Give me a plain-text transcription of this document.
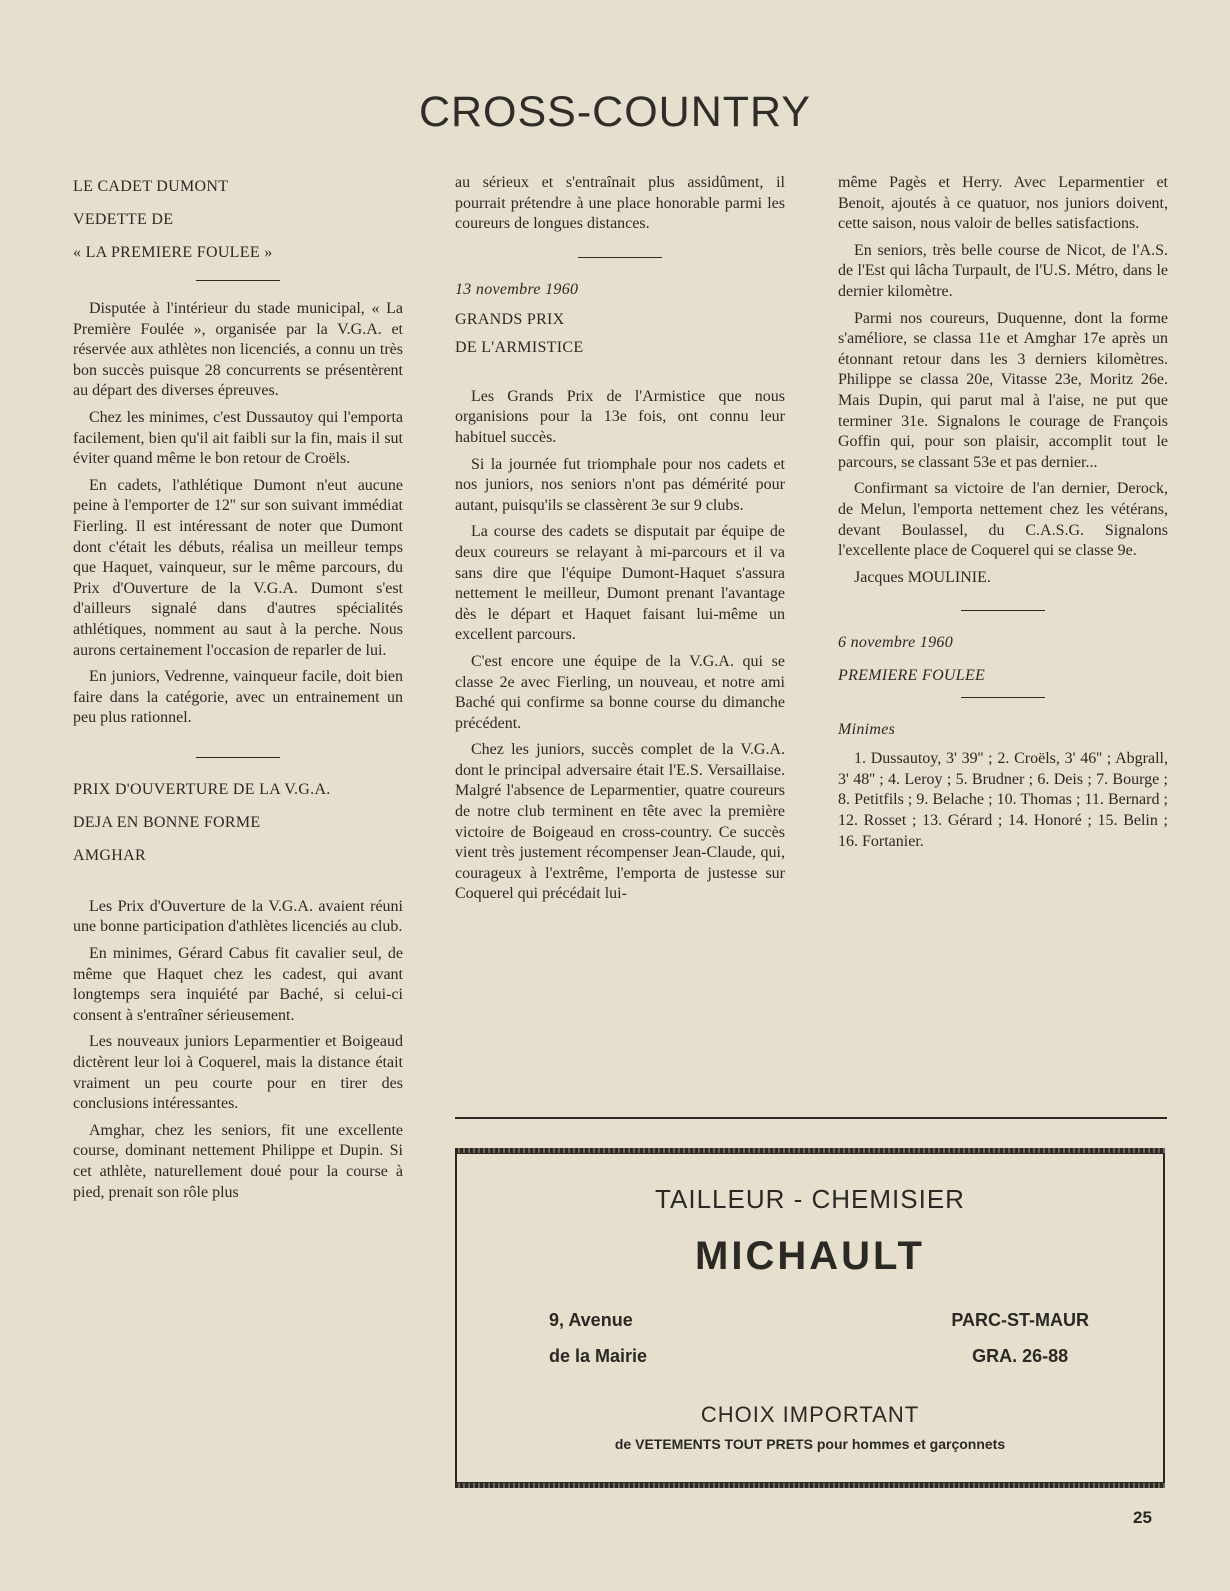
CROSS-COUNTRY

LE CADET DUMONT

VEDETTE DE

« LA PREMIERE FOULEE »

Disputée à l'intérieur du stade municipal, « La Première Foulée », organisée par la V.G.A. et réservée aux athlètes non licenciés, a connu un très bon succès puisque 28 concurrents se présentèrent au départ des diverses épreuves.

Chez les minimes, c'est Dussautoy qui l'emporta facilement, bien qu'il ait faibli sur la fin, mais il sut éviter quand même le bon retour de Croëls.

En cadets, l'athlétique Dumont n'eut aucune peine à l'emporter de 12'' sur son suivant immédiat Fierling. Il est intéressant de noter que Dumont dont c'était les débuts, réalisa un meilleur temps que Haquet, vainqueur, sur le même parcours, du Prix d'Ouverture de la V.G.A. Dumont s'est d'ailleurs signalé dans d'autres spécialités athlétiques, nomment au saut à la perche. Nous aurons certainement l'occasion de reparler de lui.

En juniors, Vedrenne, vainqueur facile, doit bien faire dans la catégorie, avec un entrainement un peu plus rationnel.

PRIX D'OUVERTURE DE LA V.G.A.

DEJA EN BONNE FORME

AMGHAR

Les Prix d'Ouverture de la V.G.A. avaient réuni une bonne participation d'athlètes licenciés au club.

En minimes, Gérard Cabus fit cavalier seul, de même que Haquet chez les cadest, qui avant longtemps sera inquiété par Baché, si celui-ci consent à s'entraîner sérieusement.

Les nouveaux juniors Leparmentier et Boigeaud dictèrent leur loi à Coquerel, mais la distance était vraiment un peu courte pour en tirer des conclusions intéressantes.

Amghar, chez les seniors, fit une excellente course, dominant nettement Philippe et Dupin. Si cet athlète, naturellement doué pour la course à pied, prenait son rôle plus

au sérieux et s'entraînait plus assidûment, il pourrait prétendre à une place honorable parmi les coureurs de longues distances.

13 novembre 1960

GRANDS PRIX

DE L'ARMISTICE

Les Grands Prix de l'Armistice que nous organisions pour la 13e fois, ont connu leur habituel succès.

Si la journée fut triomphale pour nos cadets et nos juniors, nos seniors n'ont pas démérité pour autant, puisqu'ils se classèrent 3e sur 9 clubs.

La course des cadets se disputait par équipe de deux coureurs se relayant à mi-parcours et il va sans dire que l'équipe Dumont-Haquet s'assura nettement le meilleur, Dumont prenant l'avantage dès le départ et Haquet faisant lui-même un excellent parcours.

C'est encore une équipe de la V.G.A. qui se classe 2e avec Fierling, un nouveau, et notre ami Baché qui confirme sa bonne course du dimanche précédent.

Chez les juniors, succès complet de la V.G.A. dont le principal adversaire était l'E.S. Versaillaise. Malgré l'absence de Leparmentier, quatre coureurs de notre club terminent en tête avec la première victoire de Boigeaud en cross-country. Ce succès vient très justement récompenser Jean-Claude, qui, courageux à l'extrême, l'emporta de justesse sur Coquerel qui précédait lui-

même Pagès et Herry. Avec Leparmentier et Benoit, ajoutés à ce quatuor, nos juniors doivent, cette saison, nous valoir de belles satisfactions.

En seniors, très belle course de Nicot, de l'A.S. de l'Est qui lâcha Turpault, de l'U.S. Métro, dans le dernier kilomètre.

Parmi nos coureurs, Duquenne, dont la forme s'améliore, se classa 11e et Amghar 17e après un étonnant retour dans les 3 derniers kilomètres. Philippe se classa 20e, Vitasse 23e, Moritz 26e. Mais Dupin, qui parut mal à l'aise, ne put que terminer 31e. Signalons le courage de François Goffin qui, pour son plaisir, accomplit tout le parcours, se classant 53e et pas dernier...

Confirmant sa victoire de l'an dernier, Derock, de Melun, l'emporta nettement chez les vétérans, devant Boulassel, du C.A.S.G. Signalons l'excellente place de Coquerel qui se classe 9e.

Jacques MOULINIE.

6 novembre 1960

PREMIERE FOULEE

Minimes

1. Dussautoy, 3' 39'' ; 2. Croëls, 3' 46'' ; Abgrall, 3' 48'' ; 4. Leroy ; 5. Brudner ; 6. Deis ; 7. Bourge ; 8. Petitfils ; 9. Belache ; 10. Thomas ; 11. Bernard ; 12. Rosset ; 13. Gérard ; 14. Honoré ; 15. Belin ; 16. Fortanier.

TAILLEUR - CHEMISIER
MICHAULT
9, Avenue
de la Mairie
PARC-ST-MAUR
GRA. 26-88
CHOIX IMPORTANT
de VETEMENTS TOUT PRETS pour hommes et garçonnets
25
